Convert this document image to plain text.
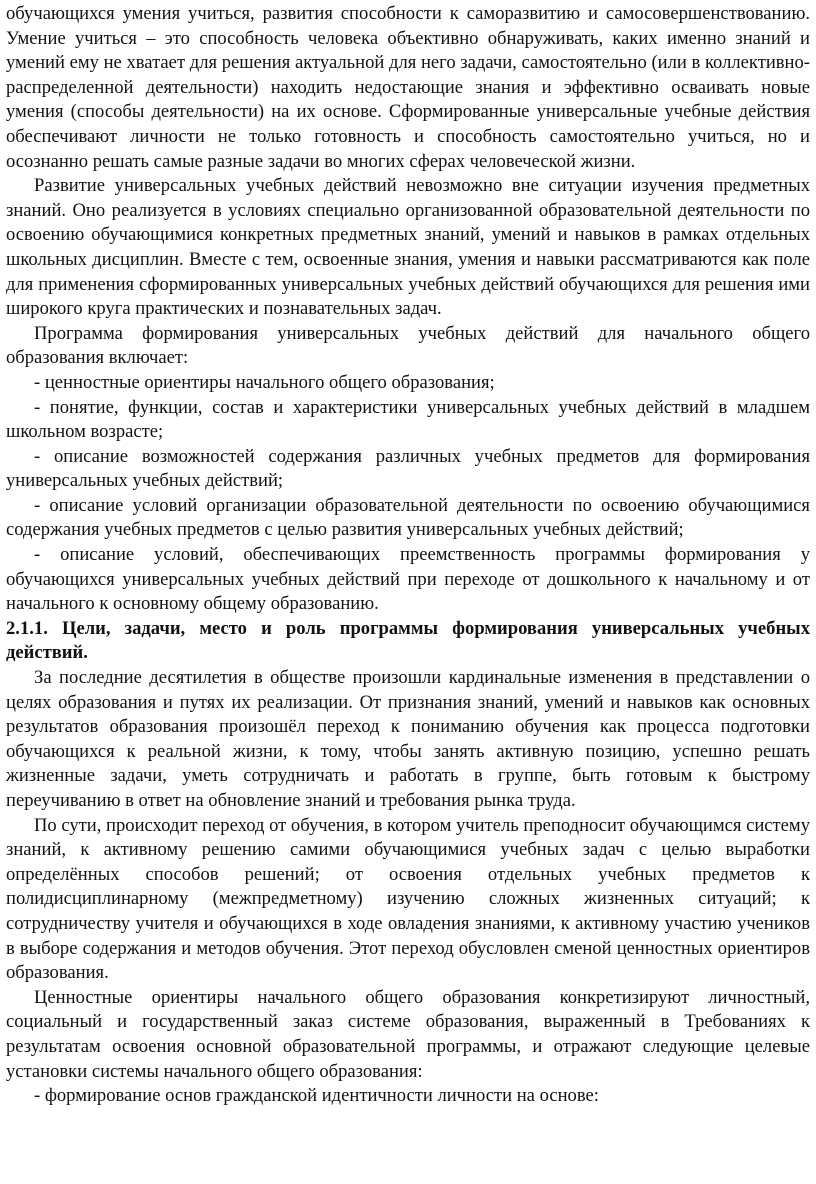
обучающихся умения учиться, развития способности к саморазвитию и самосовершенствованию. Умение учиться – это способность человека объективно обнаруживать, каких именно знаний и умений ему не хватает для решения актуальной для него задачи, самостоятельно (или в коллективно-распределенной деятельности) находить недостающие знания и эффективно осваивать новые умения (способы деятельности) на их основе. Сформированные универсальные учебные действия обеспечивают личности не только готовность и способность самостоятельно учиться, но и осознанно решать самые разные задачи во многих сферах человеческой жизни.

Развитие универсальных учебных действий невозможно вне ситуации изучения предметных знаний. Оно реализуется в условиях специально организованной образовательной деятельности по освоению обучающимися конкретных предметных знаний, умений и навыков в рамках отдельных школьных дисциплин. Вместе с тем, освоенные знания, умения и навыки рассматриваются как поле для применения сформированных универсальных учебных действий обучающихся для решения ими широкого круга практических и познавательных задач.

Программа формирования универсальных учебных действий для начального общего образования включает:

- ценностные ориентиры начального общего образования;

- понятие, функции, состав и характеристики универсальных учебных действий в младшем школьном возрасте;

- описание возможностей содержания различных учебных предметов для формирования универсальных учебных действий;

- описание условий организации образовательной деятельности по освоению обучающимися содержания учебных предметов с целью развития универсальных учебных действий;

- описание условий, обеспечивающих преемственность программы формирования у обучающихся универсальных учебных действий при переходе от дошкольного к начальному и от начального к основному общему образованию.

2.1.1. Цели, задачи, место и роль программы формирования универсальных учебных действий.

За последние десятилетия в обществе произошли кардинальные изменения в представлении о целях образования и путях их реализации. От признания знаний, умений и навыков как основных результатов образования произошёл переход к пониманию обучения как процесса подготовки обучающихся к реальной жизни, к тому, чтобы занять активную позицию, успешно решать жизненные задачи, уметь сотрудничать и работать в группе, быть готовым к быстрому переучиванию в ответ на обновление знаний и требования рынка труда.

По сути, происходит переход от обучения, в котором учитель преподносит обучающимся систему знаний, к активному решению самими обучающимися учебных задач с целью выработки определённых способов решений; от освоения отдельных учебных предметов к полидисциплинарному (межпредметному) изучению сложных жизненных ситуаций; к сотрудничеству учителя и обучающихся в ходе овладения знаниями, к активному участию учеников в выборе содержания и методов обучения. Этот переход обусловлен сменой ценностных ориентиров образования.

Ценностные ориентиры начального общего образования конкретизируют личностный, социальный и государственный заказ системе образования, выраженный в Требованиях к результатам освоения основной образовательной программы, и отражают следующие целевые установки системы начального общего образования:

- формирование основ гражданской идентичности личности на основе:
